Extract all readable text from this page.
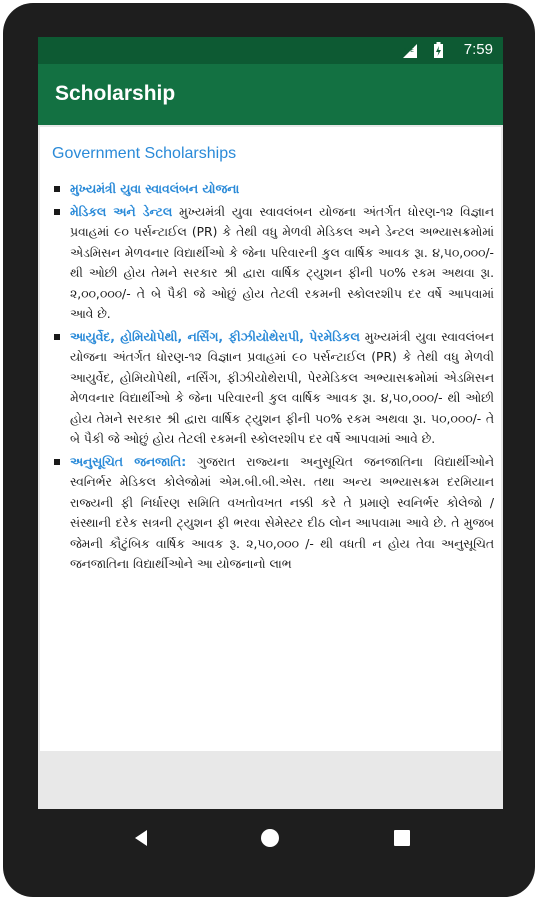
LTE	7:59
Scholarship
Government Scholarships
મુખ્યમંત્રી યુવા સ્વાવલંબન યોજના
મેડિકલ અને ડેન્ટલ મુખ્યમંત્રી યુવા સ્વાવલંબન યોજના અંતર્ગત ધોરણ-૧૨ વિજ્ઞાન પ્રવાહમાં ૯૦ પર્સન્ટાઈલ (PR) કે તેથી વધુ મેળવી મેડિકલ અને ડેન્ટલ અભ્યાસક્રમોમાં એડમિસન મેળવનાર વિદ્યાર્થીઓ કે જેના પરિવારની કુલ વાર્ષિક આવક રૂા. ૪,૫૦,૦૦૦/- થી ઓછી હોય તેમને સરકાર શ્રી દ્વારા વાર્ષિક ટ્યુશન ફીની ૫૦% રકમ અથવા રૂા. ૨,૦૦,૦૦૦/- તે બે પૈકી જે ઓછું હોય તેટલી રકમની સ્કોલરશીપ દર વર્ષે આપવામાં આવે છે.
આયુર્વેદ, હોમિયોપેથી, નર્સિંગ, ફીઝીયોથેરાપી, પેરમેડિકલ મુખ્યમંત્રી યુવા સ્વાવલંબન યોજના અંતર્ગત ધોરણ-૧૨ વિજ્ઞાન પ્રવાહમાં ૯૦ પર્સન્ટાઈલ (PR) કે તેથી વધુ મેળવી આયુર્વેદ, હોમિયોપેથી, નર્સિંગ, ફીઝીયોથેરાપી, પેરમેડિકલ અભ્યાસક્રમોમાં એડમિસન મેળવનાર વિદ્યાર્થીઓ કે જેના પરિવારની કુલ વાર્ષિક આવક રૂા. ૪,૫૦,૦૦૦/- થી ઓછી હોય તેમને સરકાર શ્રી દ્વારા વાર્ષિક ટ્યુશન ફીની ૫૦% રકમ અથવા રૂા. ૫૦,૦૦૦/- તે બે પૈકી જે ઓછું હોય તેટલી રકમની સ્કોલરશીપ દર વર્ષે આપવામાં આવે છે.
અનુસૂચિત જનજાતિ: ગુજરાત રાજ્યના અનુસૂચિત જનજાતિના વિદ્યાર્થીઓને સ્વનિર્ભર મેડિકલ કોલેજોમાં એમ.બી.બી.એસ. તથા અન્ય અભ્યાસક્રમ દરમિયાન રાજ્યની ફી નિર્ધારણ સમિતિ વખતોવખત નક્કી કરે તે પ્રમાણે સ્વનિર્ભર કોલેજો / સંસ્થાની દરેક સત્રની ટ્યુશન ફી ભરવા સેમેસ્ટર દીઠ લોન આપવામા આવે છે. તે મુજબ જેમની કૌટુંબિક વાર્ષિક આવક રૂ. ૨,૫૦,૦૦૦ /- થી વધતી ન હોય તેવા અનુસૂચિત જનજાતિના વિદ્યાર્થીઓને આ યોજનાનો લાભ
